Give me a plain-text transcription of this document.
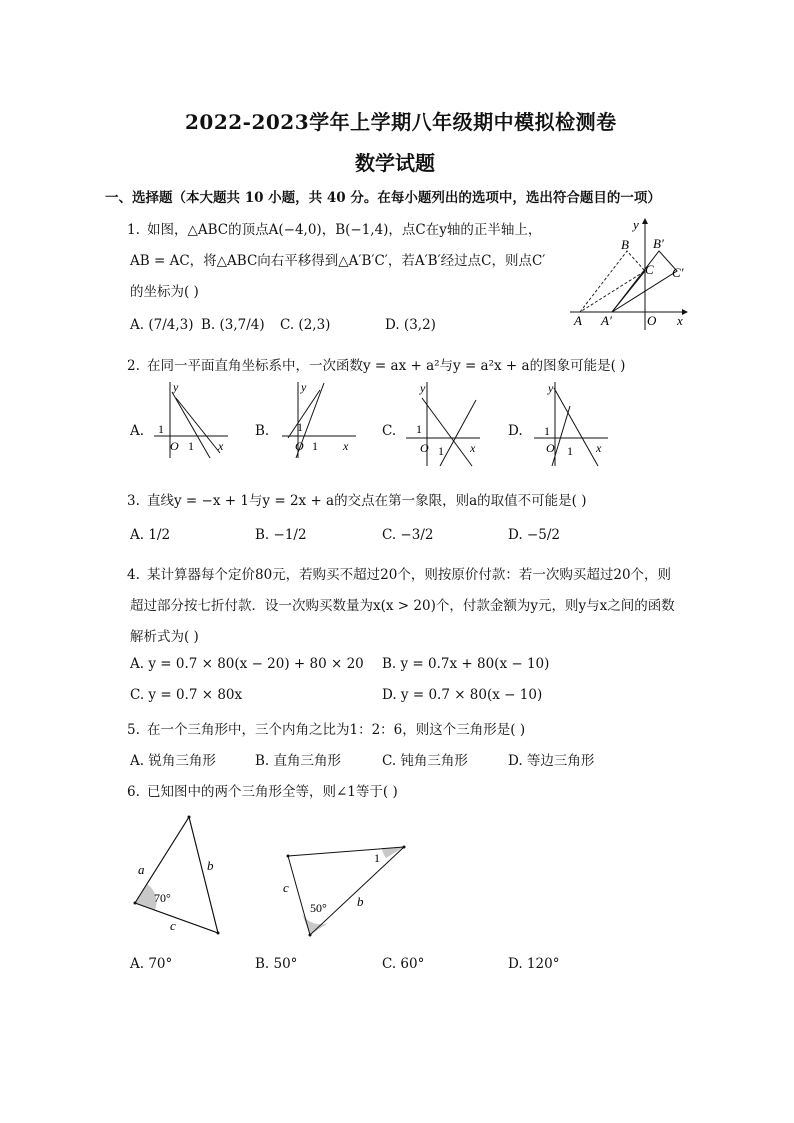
2022-2023学年上学期八年级期中模拟检测卷
数学试题
一、选择题（本大题共 10 小题，共 40 分。在每小题列出的选项中，选出符合题目的一项）
1. 如图，△ABC的顶点A(−4,0)，B(−1,4)，点C在y轴的正半轴上，
AB = AC，将△ABC向右平移得到△A′B′C′，若A′B′经过点C，则点C′
的坐标为( )
A. (7/4,3) B. (3,7/4) C. (2,3)	D. (3,2)
y
B B′
C C′
A A′	O x
2. 在同一平面直角坐标系中，一次函数y = ax + a²与y = a²x + a的图象可能是( )
A.	B.	C.	D.
y
x
O
1
1
y
x
O
1
1
y
x
O
1
1
y
x
O
1
1
3. 直线y = −x + 1与y = 2x + a的交点在第一象限，则a的取值不可能是( )
A. 1/2	B. −1/2	C. −3/2	D. −5/2
4. 某计算器每个定价80元，若购买不超过20个，则按原价付款：若一次购买超过20个，则
超过部分按七折付款．设一次购买数量为x(x > 20)个，付款金额为y元，则y与x之间的函数
解析式为( )
A. y = 0.7 × 80(x − 20) + 80 × 20 B. y = 0.7x + 80(x − 10)
C. y = 0.7 × 80x	D. y = 0.7 × 80(x − 10)
5. 在一个三角形中，三个内角之比为1：2：6，则这个三角形是( )
A. 锐角三角形	B. 直角三角形	C. 钝角三角形	D. 等边三角形
6. 已知图中的两个三角形全等，则∠1等于( )
a	b
c
70°
c
b
50°
1
A. 70°	B. 50°	C. 60°	D. 120°
